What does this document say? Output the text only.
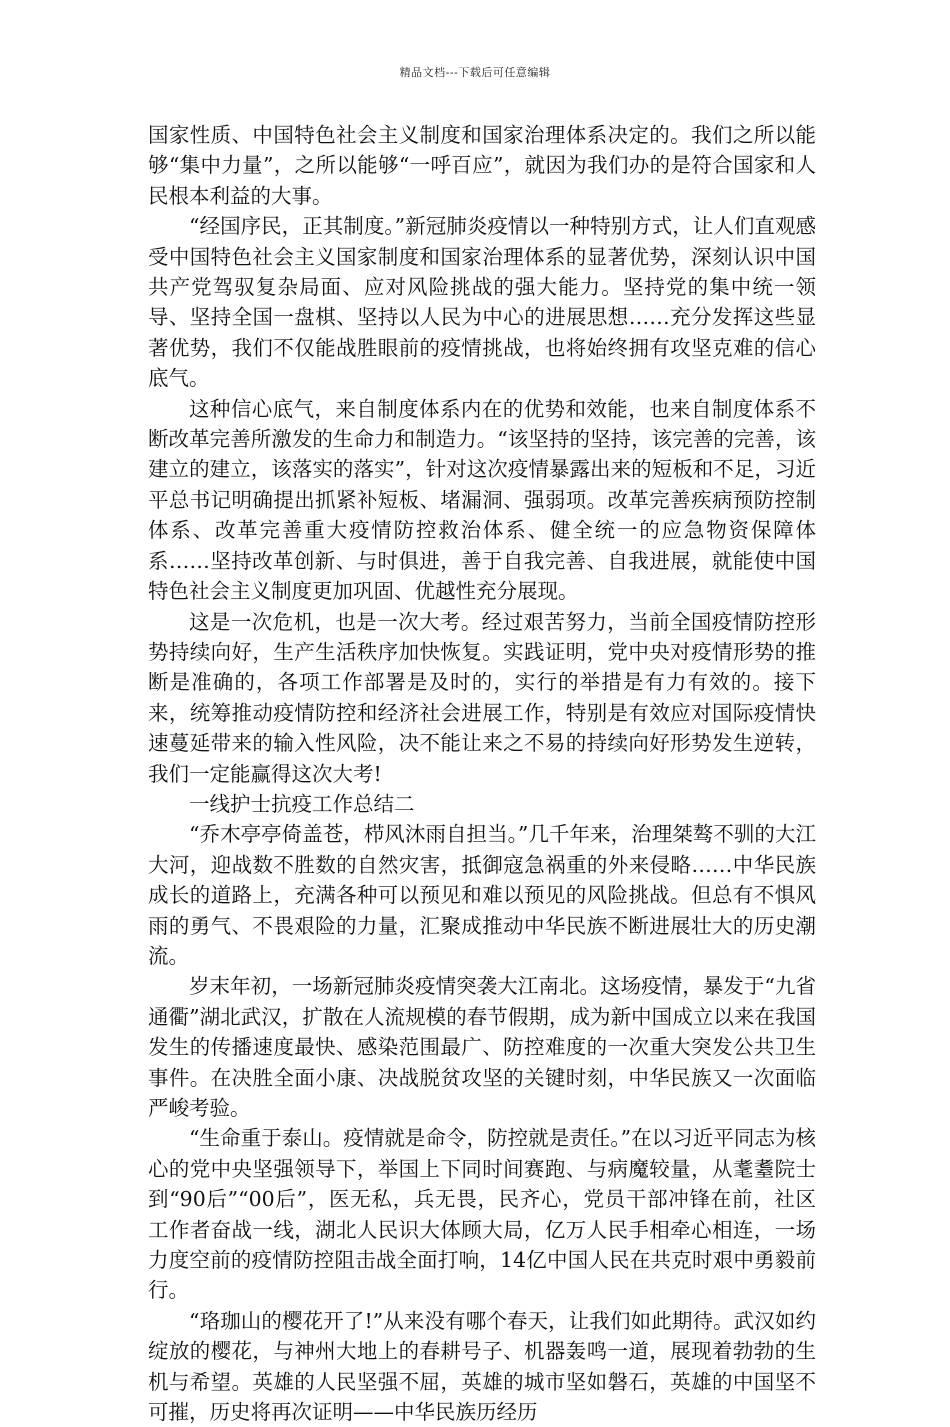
精品文档---下载后可任意编辑

国家性质、中国特色社会主义制度和国家治理体系决定的。我们之所以能够“集中力量”，之所以能够“一呼百应”，就因为我们办的是符合国家和人民根本利益的大事。

“经国序民，正其制度。”新冠肺炎疫情以一种特别方式，让人们直观感受中国特色社会主义国家制度和国家治理体系的显著优势，深刻认识中国共产党驾驭复杂局面、应对风险挑战的强大能力。坚持党的集中统一领导、坚持全国一盘棋、坚持以人民为中心的进展思想……充分发挥这些显著优势，我们不仅能战胜眼前的疫情挑战，也将始终拥有攻坚克难的信心底气。

这种信心底气，来自制度体系内在的优势和效能，也来自制度体系不断改革完善所激发的生命力和制造力。“该坚持的坚持，该完善的完善，该建立的建立，该落实的落实”，针对这次疫情暴露出来的短板和不足，习近平总书记明确提出抓紧补短板、堵漏洞、强弱项。改革完善疾病预防控制体系、改革完善重大疫情防控救治体系、健全统一的应急物资保障体系……坚持改革创新、与时俱进，善于自我完善、自我进展，就能使中国特色社会主义制度更加巩固、优越性充分展现。

这是一次危机，也是一次大考。经过艰苦努力，当前全国疫情防控形势持续向好，生产生活秩序加快恢复。实践证明，党中央对疫情形势的推断是准确的，各项工作部署是及时的，实行的举措是有力有效的。接下来，统筹推动疫情防控和经济社会进展工作，特别是有效应对国际疫情快速蔓延带来的输入性风险，决不能让来之不易的持续向好形势发生逆转，我们一定能赢得这次大考!

一线护士抗疫工作总结二

“乔木亭亭倚盖苍，栉风沐雨自担当。”几千年来，治理桀骜不驯的大江大河，迎战数不胜数的自然灾害，抵御寇急祸重的外来侵略……中华民族成长的道路上，充满各种可以预见和难以预见的风险挑战。但总有不惧风雨的勇气、不畏艰险的力量，汇聚成推动中华民族不断进展壮大的历史潮流。

岁末年初，一场新冠肺炎疫情突袭大江南北。这场疫情，暴发于“九省通衢”湖北武汉，扩散在人流规模的春节假期，成为新中国成立以来在我国发生的传播速度最快、感染范围最广、防控难度的一次重大突发公共卫生事件。在决胜全面小康、决战脱贫攻坚的关键时刻，中华民族又一次面临严峻考验。

“生命重于泰山。疫情就是命令，防控就是责任。”在以习近平同志为核心的党中央坚强领导下，举国上下同时间赛跑、与病魔较量，从耄耋院士到“90后”“00后”，医无私，兵无畏，民齐心，党员干部冲锋在前，社区工作者奋战一线，湖北人民识大体顾大局，亿万人民手相牵心相连，一场力度空前的疫情防控阻击战全面打响，14亿中国人民在共克时艰中勇毅前行。

“珞珈山的樱花开了!”从来没有哪个春天，让我们如此期待。武汉如约绽放的樱花，与神州大地上的春耕号子、机器轰鸣一道，展现着勃勃的生机与希望。英雄的人民坚强不屈，英雄的城市坚如磐石，英雄的中国坚不可摧，历史将再次证明——中华民族历经历
